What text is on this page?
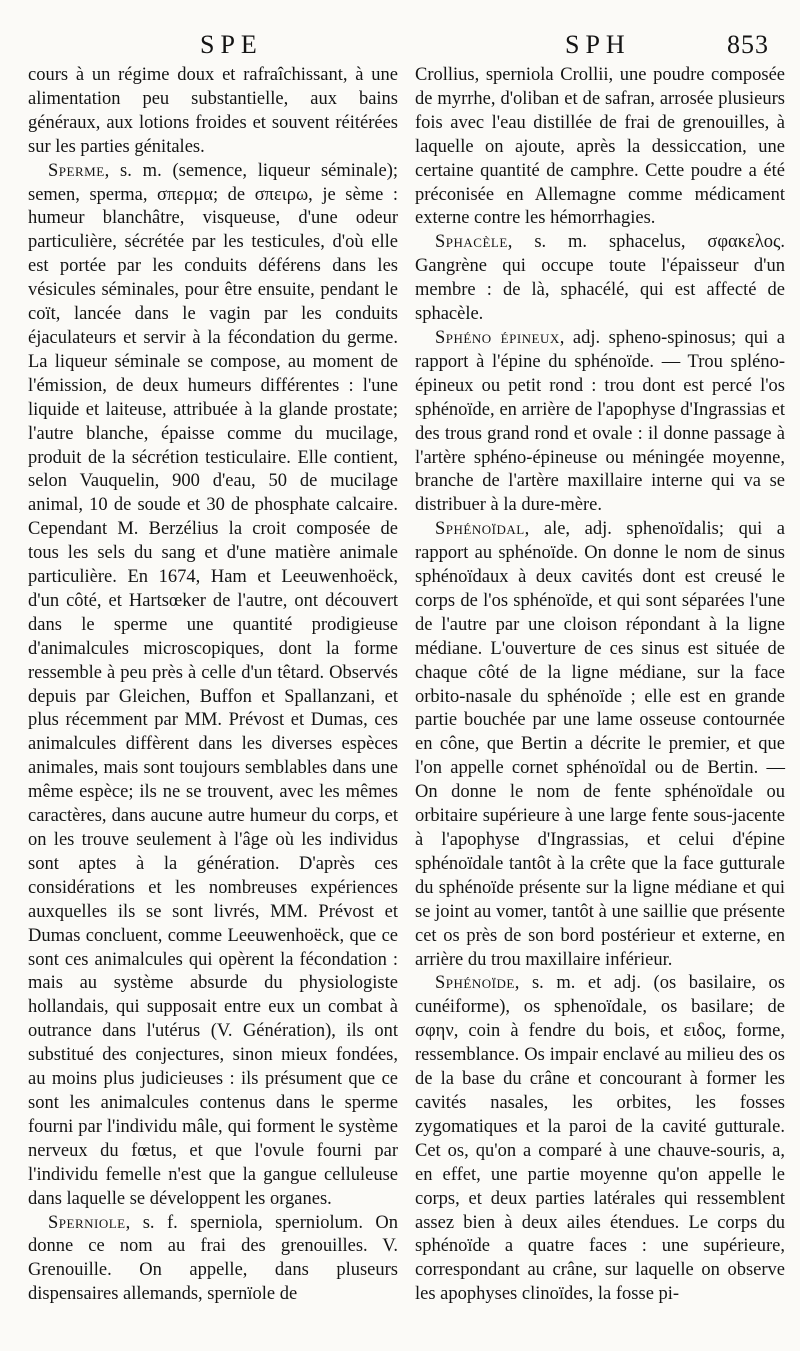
SPE	SPH	853

cours à un régime doux et rafraîchissant, à une alimentation peu substantielle, aux bains généraux, aux lotions froides et souvent réitérées sur les parties génitales.

Sperme, s. m. (semence, liqueur séminale); semen, sperma, σπερμα; de σπειρω, je sème : humeur blanchâtre, visqueuse, d'une odeur particulière, sécrétée par les testicules, d'où elle est portée par les conduits déférens dans les vésicules séminales, pour être ensuite, pendant le coït, lancée dans le vagin par les conduits éjaculateurs et servir à la fécondation du germe. La liqueur séminale se compose, au moment de l'émission, de deux humeurs différentes : l'une liquide et laiteuse, attribuée à la glande prostate; l'autre blanche, épaisse comme du mucilage, produit de la sécrétion testiculaire. Elle contient, selon Vauquelin, 900 d'eau, 50 de mucilage animal, 10 de soude et 30 de phosphate calcaire. Cependant M. Berzélius la croit composée de tous les sels du sang et d'une matière animale particulière. En 1674, Ham et Leeuwenhoëck, d'un côté, et Hartsœker de l'autre, ont découvert dans le sperme une quantité prodigieuse d'animalcules microscopiques, dont la forme ressemble à peu près à celle d'un têtard. Observés depuis par Gleichen, Buffon et Spallanzani, et plus récemment par MM. Prévost et Dumas, ces animalcules diffèrent dans les diverses espèces animales, mais sont toujours semblables dans une même espèce; ils ne se trouvent, avec les mêmes caractères, dans aucune autre humeur du corps, et on les trouve seulement à l'âge où les individus sont aptes à la génération. D'après ces considérations et les nombreuses expériences auxquelles ils se sont livrés, MM. Prévost et Dumas concluent, comme Leeuwenhoëck, que ce sont ces animalcules qui opèrent la fécondation : mais au système absurde du physiologiste hollandais, qui supposait entre eux un combat à outrance dans l'utérus (V. Génération), ils ont substitué des conjectures, sinon mieux fondées, au moins plus judicieuses : ils présument que ce sont les animalcules contenus dans le sperme fourni par l'individu mâle, qui forment le système nerveux du fœtus, et que l'ovule fourni par l'individu femelle n'est que la gangue celluleuse dans laquelle se développent les organes.

Sperniole, s. f. sperniola, sperniolum. On donne ce nom au frai des grenouilles. V. Grenouille. On appelle, dans pluseurs dispensaires allemands, spernïole de

Crollius, sperniola Crollii, une poudre composée de myrrhe, d'oliban et de safran, arrosée plusieurs fois avec l'eau distillée de frai de grenouilles, à laquelle on ajoute, après la dessiccation, une certaine quantité de camphre. Cette poudre a été préconisée en Allemagne comme médicament externe contre les hémorrhagies.

Sphacèle, s. m. sphacelus, σφακελος. Gangrène qui occupe toute l'épaisseur d'un membre : de là, sphacélé, qui est affecté de sphacèle.

Sphéno épineux, adj. spheno-spinosus; qui a rapport à l'épine du sphénoïde. — Trou spléno-épineux ou petit rond : trou dont est percé l'os sphénoïde, en arrière de l'apophyse d'Ingrassias et des trous grand rond et ovale : il donne passage à l'artère sphéno-épineuse ou méningée moyenne, branche de l'artère maxillaire interne qui va se distribuer à la dure-mère.

Sphénoïdal, ale, adj. sphenoïdalis; qui a rapport au sphénoïde. On donne le nom de sinus sphénoïdaux à deux cavités dont est creusé le corps de l'os sphénoïde, et qui sont séparées l'une de l'autre par une cloison répondant à la ligne médiane. L'ouverture de ces sinus est située de chaque côté de la ligne médiane, sur la face orbito-nasale du sphénoïde ; elle est en grande partie bouchée par une lame osseuse contournée en cône, que Bertin a décrite le premier, et que l'on appelle cornet sphénoïdal ou de Bertin. — On donne le nom de fente sphénoïdale ou orbitaire supérieure à une large fente sous-jacente à l'apophyse d'Ingrassias, et celui d'épine sphénoïdale tantôt à la crête que la face gutturale du sphénoïde présente sur la ligne médiane et qui se joint au vomer, tantôt à une saillie que présente cet os près de son bord postérieur et externe, en arrière du trou maxillaire inférieur.

Sphénoïde, s. m. et adj. (os basilaire, os cunéiforme), os sphenoïdale, os basilare; de σφην, coin à fendre du bois, et ειδος, forme, ressemblance. Os impair enclavé au milieu des os de la base du crâne et concourant à former les cavités nasales, les orbites, les fosses zygomatiques et la paroi de la cavité gutturale. Cet os, qu'on a comparé à une chauve-souris, a, en effet, une partie moyenne qu'on appelle le corps, et deux parties latérales qui ressemblent assez bien à deux ailes étendues. Le corps du sphénoïde a quatre faces : une supérieure, correspondant au crâne, sur laquelle on observe les apophyses clinoïdes, la fosse pi-
